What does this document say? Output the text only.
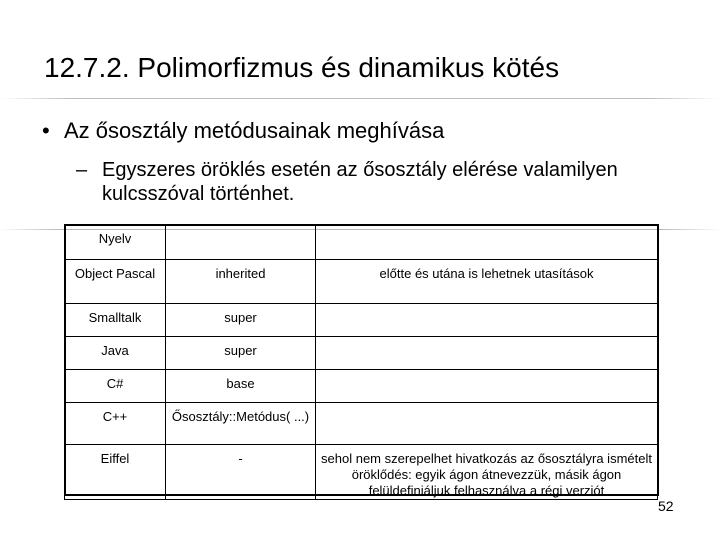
12.7.2. Polimorfizmus és dinamikus kötés
• Az ősosztály metódusainak meghívása
– Egyszeres öröklés esetén az ősosztály elérése valamilyen kulcsszóval történhet.
Nyelv		
Object Pascal	inherited	előtte és utána is lehetnek utasítások
Smalltalk	super	
Java	super	
C#	base	
C++	Ősosztály::Metódus( ...)	
Eiffel	-	sehol nem szerepelhet hivatkozás az ősosztályra ismételt öröklődés: egyik ágon átnevezzük, másik ágon felüldefiniáljuk felhasználva a régi verziót
52
